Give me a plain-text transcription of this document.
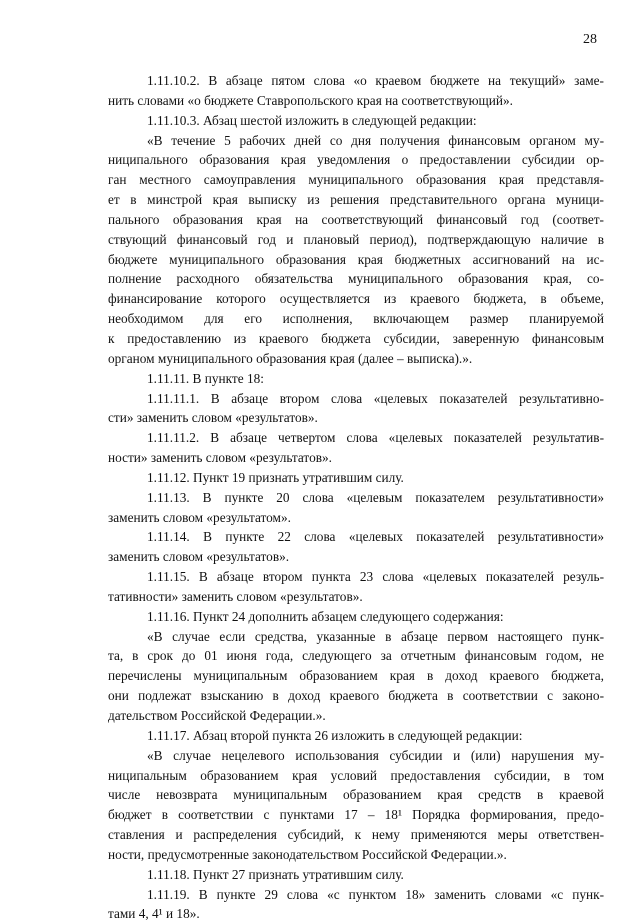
28
1.11.10.2. В абзаце пятом слова «о краевом бюджете на текущий» заме-
нить словами «о бюджете Ставропольского края на соответствующий».
1.11.10.3. Абзац шестой изложить в следующей редакции:
«В течение 5 рабочих дней со дня получения финансовым органом му-
ниципального образования края уведомления о предоставлении субсидии ор-
ган местного самоуправления муниципального образования края представля-
ет в минстрой края выписку из решения представительного органа муници-
пального образования края на соответствующий финансовый год (соответ-
ствующий финансовый год и плановый период), подтверждающую наличие в
бюджете муниципального образования края бюджетных ассигнований на ис-
полнение расходного обязательства муниципального образования края, со-
финансирование которого осуществляется из краевого бюджета, в объеме,
необходимом для его исполнения, включающем размер планируемой
к предоставлению из краевого бюджета субсидии, заверенную финансовым
органом муниципального образования края (далее – выписка).».
1.11.11. В пункте 18:
1.11.11.1. В абзаце втором слова «целевых показателей результативно-
сти» заменить словом «результатов».
1.11.11.2. В абзаце четвертом слова «целевых показателей результатив-
ности» заменить словом «результатов».
1.11.12. Пункт 19 признать утратившим силу.
1.11.13. В пункте 20 слова «целевым показателем результативности»
заменить словом «результатом».
1.11.14. В пункте 22 слова «целевых показателей результативности»
заменить словом «результатов».
1.11.15. В абзаце втором пункта 23 слова «целевых показателей резуль-
тативности» заменить словом «результатов».
1.11.16. Пункт 24 дополнить абзацем следующего содержания:
«В случае если средства, указанные в абзаце первом настоящего пунк-
та, в срок до 01 июня года, следующего за отчетным финансовым годом, не
перечислены муниципальным образованием края в доход краевого бюджета,
они подлежат взысканию в доход краевого бюджета в соответствии с законо-
дательством Российской Федерации.».
1.11.17. Абзац второй пункта 26 изложить в следующей редакции:
«В случае нецелевого использования субсидии и (или) нарушения му-
ниципальным образованием края условий предоставления субсидии, в том
числе невозврата муниципальным образованием края средств в краевой
бюджет в соответствии с пунктами 17 – 18¹ Порядка формирования, предо-
ставления и распределения субсидий, к нему применяются меры ответствен-
ности, предусмотренные законодательством Российской Федерации.».
1.11.18. Пункт 27 признать утратившим силу.
1.11.19. В пункте 29 слова «с пунктом 18» заменить словами «с пунк-
тами 4, 4¹ и 18».
